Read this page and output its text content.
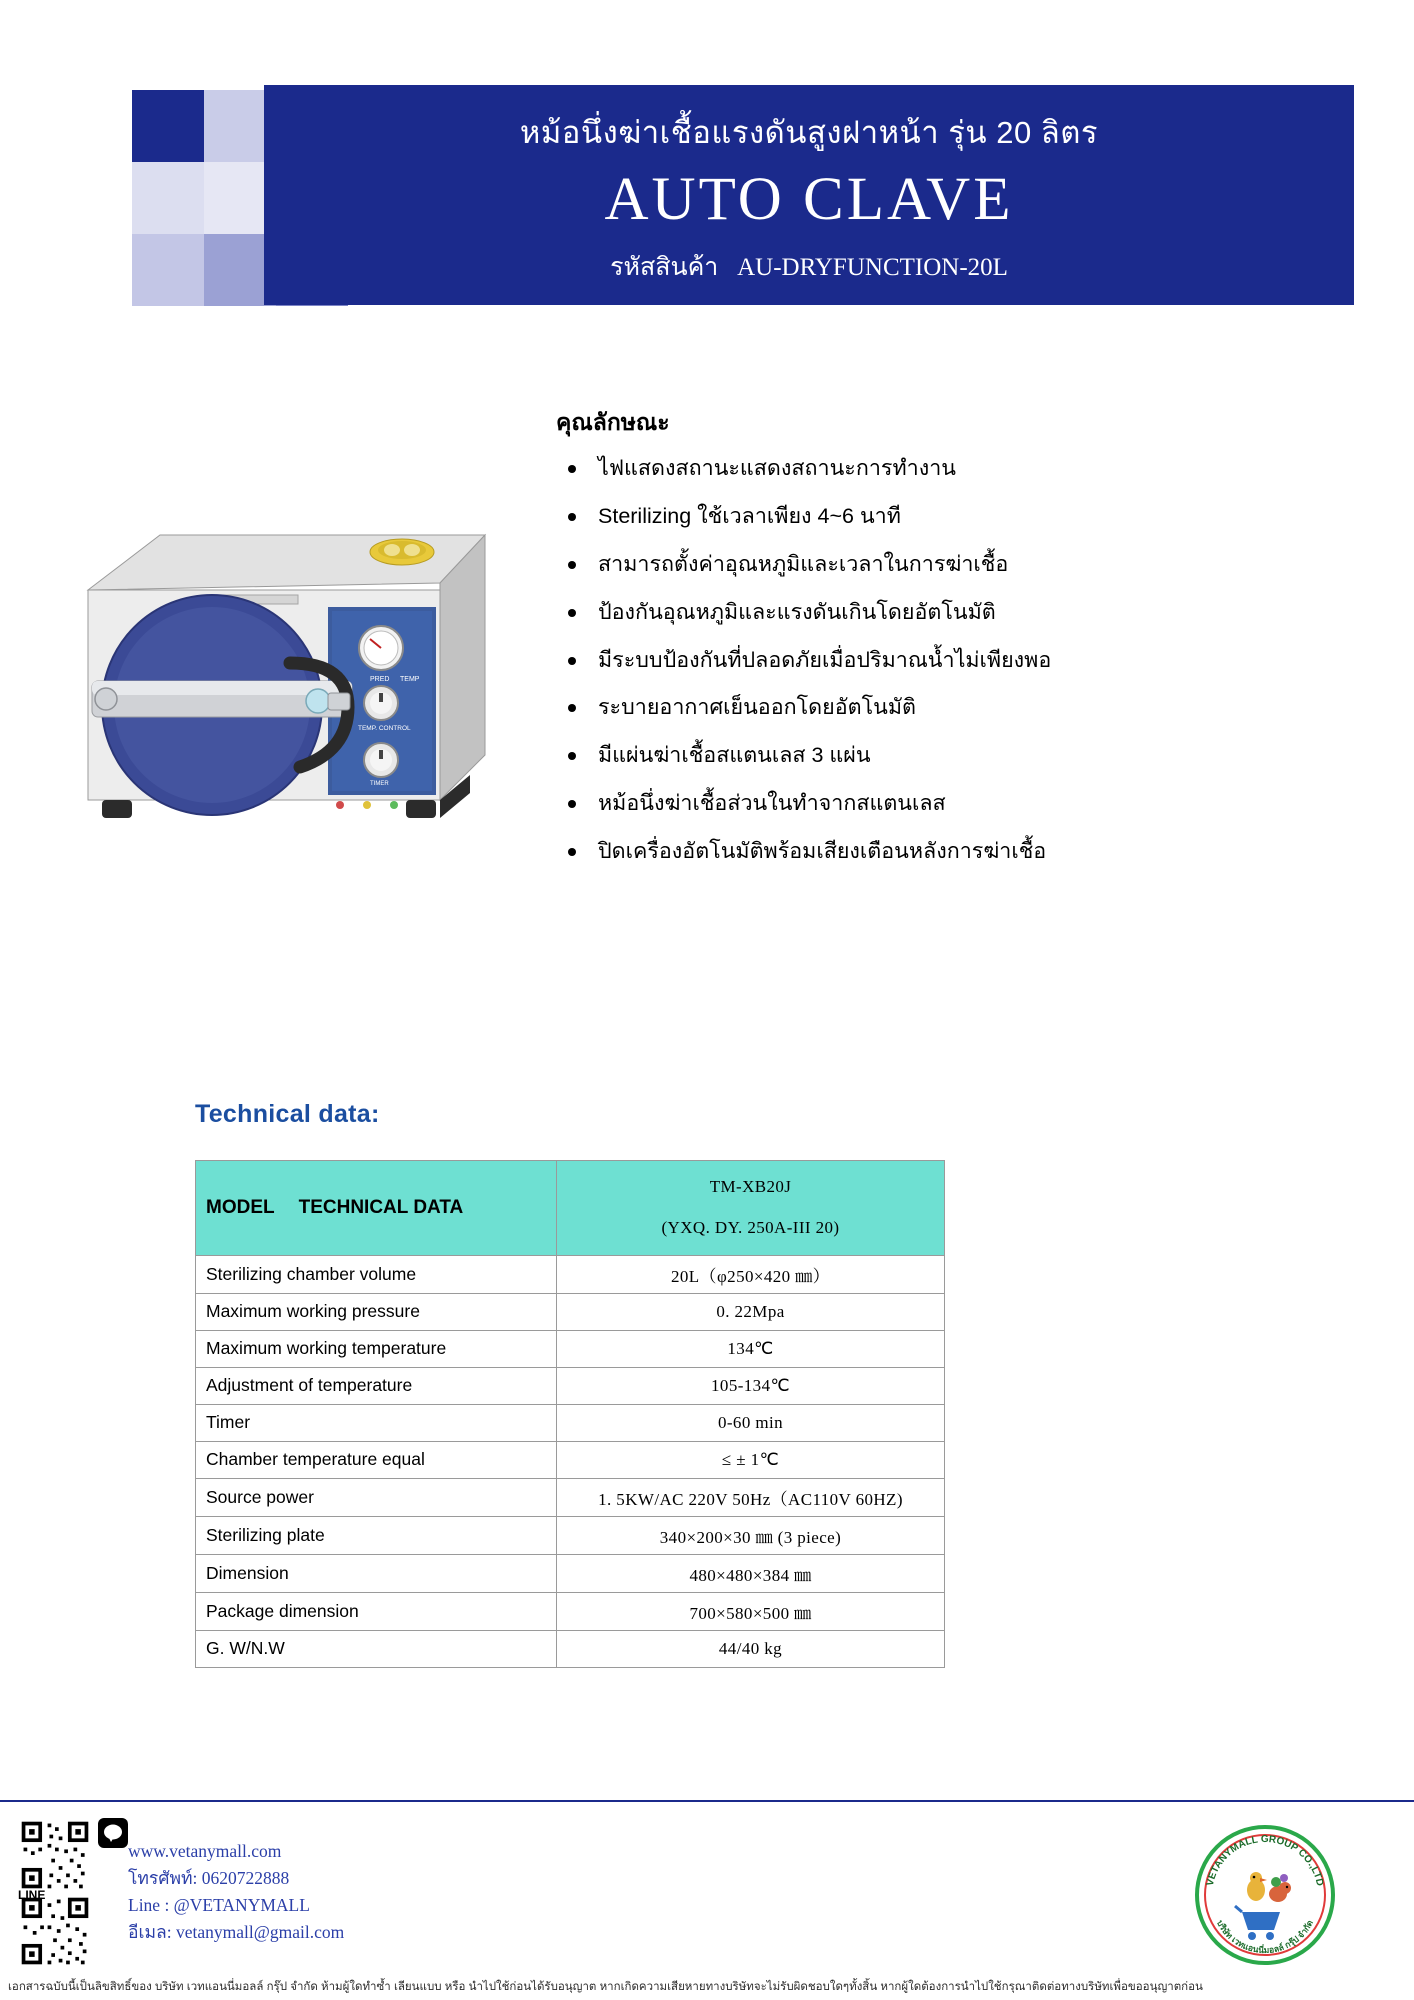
หม้อนึ่งฆ่าเชื้อแรงดันสูงฝาหน้า รุ่น 20 ลิตร
AUTO CLAVE
รหัสสินค้า AU-DRYFUNCTION-20L
PRED TEMP
TEMP. CONTROL
TIMER
คุณลักษณะ
ไฟแสดงสถานะแสดงสถานะการทำงาน
Sterilizing ใช้เวลาเพียง 4~6 นาที
สามารถตั้งค่าอุณหภูมิและเวลาในการฆ่าเชื้อ
ป้องกันอุณหภูมิและแรงดันเกินโดยอัตโนมัติ
มีระบบป้องกันที่ปลอดภัยเมื่อปริมาณน้ำไม่เพียงพอ
ระบายอากาศเย็นออกโดยอัตโนมัติ
มีแผ่นฆ่าเชื้อสแตนเลส 3 แผ่น
หม้อนึ่งฆ่าเชื้อส่วนในทำจากสแตนเลส
ปิดเครื่องอัตโนมัติพร้อมเสียงเตือนหลังการฆ่าเชื้อ
Technical data:
MODEL TECHNICAL DATA	TM-XB20J
(YXQ. DY. 250A-III 20)

Sterilizing chamber volume	20L（φ250×420 ㎜）
Maximum working pressure	0. 22Mpa
Maximum working temperature	134℃
Adjustment of temperature	105-134℃
Timer	0-60 min
Chamber temperature equal	≤ ± 1℃
Source power	1. 5KW/AC 220V 50Hz（AC110V 60HZ)
Sterilizing plate	340×200×30 ㎜ (3 piece)
Dimension	480×480×384 ㎜
Package dimension	700×580×500 ㎜
G. W/N.W	44/40 kg
LINE
www.vetanymall.com
โทรศัพท์: 0620722888
Line : @VETANYMALL
อีเมล: vetanymall@gmail.com
VETANYMALL GROUP CO.,LTD
บริษัท เวทแอนนี่มอลล์ กรุ๊ป จำกัด
เอกสารฉบับนี้เป็นลิขสิทธิ์ของ บริษัท เวทแอนนี่มอลล์ กรุ๊ป จำกัด ห้ามผู้ใดทำซ้ำ เลียนแบบ หรือ นำไปใช้ก่อนได้รับอนุญาต หากเกิดความเสียหายทางบริษัทจะไม่รับผิดชอบใดๆทั้งสิ้น หากผู้ใดต้องการนำไปใช้กรุณาติดต่อทางบริษัทเพื่อขออนุญาตก่อน
